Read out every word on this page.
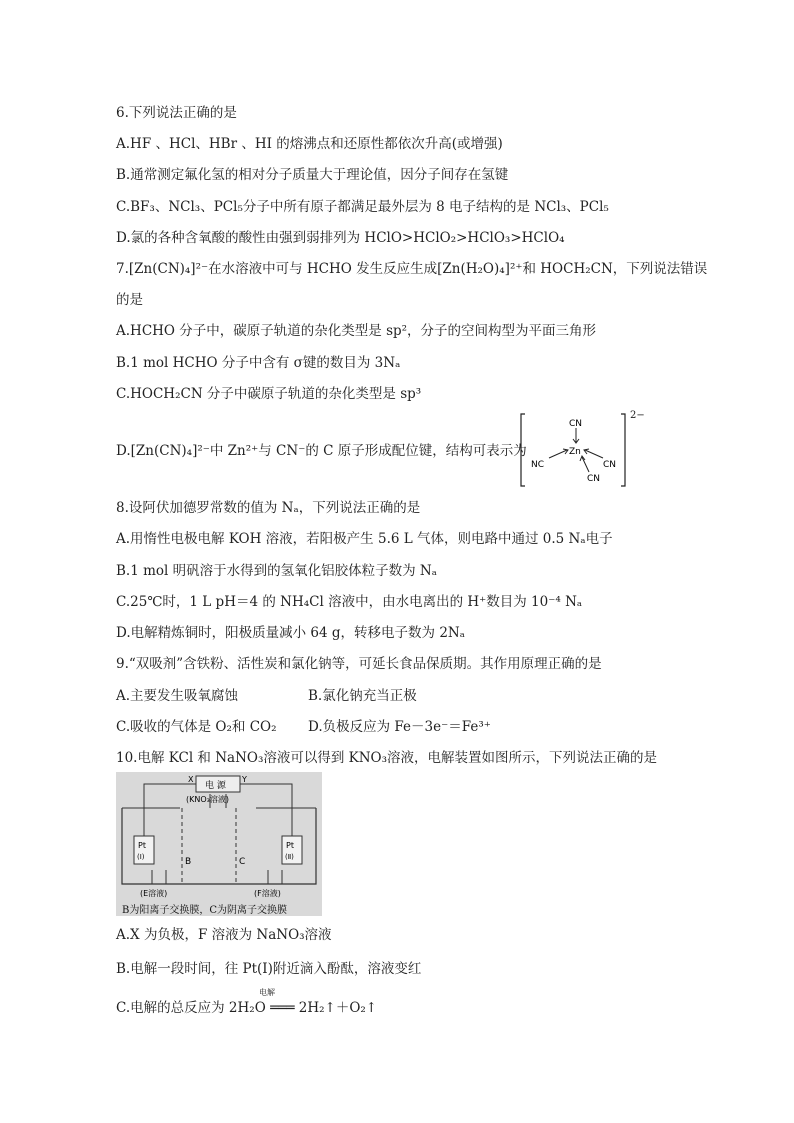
6.下列说法正确的是
A.HF 、HCl、HBr 、HI 的熔沸点和还原性都依次升高(或增强)
B.通常测定氟化氢的相对分子质量大于理论值，因分子间存在氢键
C.BF₃、NCl₃、PCl₅分子中所有原子都满足最外层为 8 电子结构的是 NCl₃、PCl₅
D.氯的各种含氧酸的酸性由强到弱排列为 HClO>HClO₂>HClO₃>HClO₄
7.[Zn(CN)₄]²⁻在水溶液中可与 HCHO 发生反应生成[Zn(H₂O)₄]²⁺和 HOCH₂CN，下列说法错误
的是
A.HCHO 分子中，碳原子轨道的杂化类型是 sp²，分子的空间构型为平面三角形
B.1 mol HCHO 分子中含有 σ键的数目为 3Nₐ
C.HOCH₂CN 分子中碳原子轨道的杂化类型是 sp³
D.[Zn(CN)₄]²⁻中 Zn²⁺与 CN⁻的 C 原子形成配位键，结构可表示为
CN
Zn
NC	CN
CN
2−
8.设阿伏加德罗常数的值为 Nₐ，下列说法正确的是
A.用惰性电极电解 KOH 溶液，若阳极产生 5.6 L 气体，则电路中通过 0.5 Nₐ电子
B.1 mol 明矾溶于水得到的氢氧化铝胶体粒子数为 Nₐ
C.25℃时，1 L pH＝4 的 NH₄Cl 溶液中，由水电离出的 H⁺数目为 10⁻⁴ Nₐ
D.电解精炼铜时，阳极质量减小 64 g，转移电子数为 2Nₐ
9.“双吸剂”含铁粉、活性炭和氯化钠等，可延长食品保质期。其作用原理正确的是
A.主要发生吸氧腐蚀	B.氯化钠充当正极
C.吸收的气体是 O₂和 CO₂ D.负极反应为 Fe－3e⁻＝Fe³⁺
10.电解 KCl 和 NaNO₃溶液可以得到 KNO₃溶液，电解装置如图所示，下列说法正确的是
电 源
X	Y
(KNO₃溶液)
B	C
Pt
(Ⅰ)
Pt
(Ⅱ)
(E溶液)	(F溶液)
B为阳离子交换膜，C为阴离子交换膜
A.X 为负极，F 溶液为 NaNO₃溶液
B.电解一段时间，往 Pt(Ⅰ)附近滴入酚酞，溶液变红
C.电解的总反应为 2H₂O ═══ 2H₂↑＋O₂↑
电解
